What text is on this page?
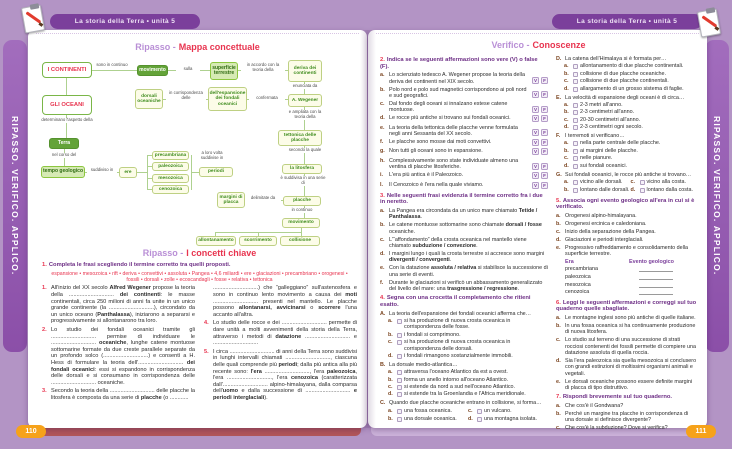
RIPASSO. VERIFICO. APPLICO.	RIPASSO. VERIFICO. APPLICO.
Ripasso - Mappa concettuale
sono in continuo
sulla
in accordo con la teoria della
enunciata da
in corrispondenza delle	confermata
e ampliata con la teoria della
secondo la quale
è suddivisa in una serie di
delimitate da
in continuo
determinano l'aspetto della
nel corso del
suddiviso in
a loro volta suddivise in
I CONTINENTI	movimento	superficie terrestre
deriva dei continenti
GLI OCEANI
dorsali oceaniche
dell'espansione dei fondali oceanici
A. Wegener
tettonica delle placche
la litosfera
placche
margini di placca
movimento
allontanamento	scorrimento	collisione
Terra
tempo geologico	ere
precambriana
paleozoica
mesozoica
cenozoica
periodi
Ripasso - I concetti chiave
1. Completa le frasi scegliendo il termine corretto tra quelli proposti.
espansione • mesozoica • rift • deriva • convettivi • assoluta • Pangea • 4,6 miliardi • ere • glaciazioni • precambriano • orogenesi • fossili • dorsali • zolle • ecoscandagli • fosse • relativa • tettonica
1. All'inizio del XX secolo Alfred Wegener propose la teoria della ............................. dei continenti: le masse continentali, circa 250 milioni di anni fa unite in un unico grande continente (la .............................), circondato da un unico oceano (Panthalassa), iniziarono a separarsi e progressivamente si allontanarono tra loro.
2. Lo studio dei fondali oceanici tramite gli ............................. permise di individuare le ............................. oceaniche, lunghe catene montuose sottomarine formate da due creste parallele separate da un profondo solco (.............................) e consentì a H. Hess di formulare la teoria dell'............................. dei fondali oceanici: essi si espandono in corrispondenza delle dorsali e si consumano in corrispondenza delle ............................. oceaniche.
3. Secondo la teoria della ............................. delle placche la litosfera è composta da una serie di placche (o ............
.............................) che “galleggiano” sull'astenosfera e sono in continuo lento movimento a causa dei moti ............................. presenti nel mantello. Le placche possono allontanarsi, avvicinarsi o scorrere l'una accanto all'altra.
4. Lo studio delle rocce e dei ............................. permette di dare unità a molti avvenimenti della storia della Terra, attraverso i metodi di datazione ............................. e .............................
5. I circa ............................. di anni della Terra sono suddivisi in lunghi intervalli chiamati ............................., ciascuna delle quali comprende più periodi; dalla più antica alla più recente sono: l'era ............................., l'era paleozoica, l'era ............................., l'era cenozoica (caratterizzata dall'............................. alpino-himalayana, dalla comparsa dell'uomo e dalla successione di ............................. e periodi interglaciali).
Verifico - Conoscenze
2. Indica se le seguenti affermazioni sono vere (V) o false (F).
a. Lo scienziato tedesco A. Wegener propose la teoria della deriva dei continenti nel XIX secolo.	V	F
b. Polo nord e polo sud magnetici corrispondono ai poli nord e sud geografici.	V	F
c. Dal fondo degli oceani si innalzano estese catene montuose.	V	F
d. Le rocce più antiche si trovano sui fondali oceanici.	V	F
e. La teoria della tettonica delle placche venne formulata negli anni Sessanta del XX secolo.	V	F
f.	Le placche sono mosse dai moti convettivi.	V	F
g. Non tutti gli oceani sono in espansione.	V	F
h. Complessivamente sono state individuate almeno una ventina di placche litosferiche.	V	F
i.	L'era più antica è il Paleozoico.	V	F
l.	Il Cenozoico è l'era nella quale viviamo.	V	F
3. Nelle seguenti frasi evidenzia il termine corretto fra i due in neretto.
a. La Pangea era circondata da un unico mare chiamato Tetide / Panthalassa.
b. Le catene montuose sottomarine sono chiamate dorsali / fosse oceaniche.
c. L'“affondamento” della crosta oceanica nel mantello viene chiamato subduzione / convezione.
d. I margini lungo i quali la crosta terrestre si accresce sono margini divergenti / convergenti.
e. Con la datazione assoluta / relativa si stabilisce la successione di una serie di eventi.
f.	Durante le glaciazioni si verificò un abbassamento generalizzato del livello del mare: una trasgressione / regressione.
4. Segna con una crocetta il completamento che ritieni esatto.
A. La teoria dell'espansione dei fondali oceanici afferma che…
a.	si ha produzione di nuova crosta oceanica in corrispondenza delle fosse.
b.	i fondali si comprimono.
c.	si ha produzione di nuova crosta oceanica in corrispondenza delle dorsali.
d.	i fondali rimangono sostanzialmente immobili.
B. La dorsale medio-atlantica…
a.	attraversa l'oceano Atlantico da est a ovest.
b.	forma un anello intorno all'oceano Atlantico.
c.	si estende da nord a sud nell'oceano Atlantico.
d.	si estende tra la Groenlandia e l'Africa meridionale.
C. Quando due placche oceaniche entrano in collisione, si forma…
a.	una fossa oceanica.	c.	un vulcano.
b.	una dorsale oceanica.	d.	una montagna isolata.
D. La catena dell'Himalaya si è formata per…
a.	allontanamento di due placche continentali.
b.	collisione di due placche oceaniche.
c.	collisione di due placche continentali.
d.	allargamento di un grosso sistema di faglie.
E. La velocità di espansione degli oceani è di circa…
a.	2-3 metri all'anno.
b.	2-3 centimetri all'anno.
c.	20-30 centimetri all'anno.
d.	2-3 centimetri ogni secolo.
F. I terremoti si verificano…
a.	nella parte centrale delle placche.
b.	ai margini delle placche.
c.	nelle pianure.
d.	sui fondali oceanici.
G. Sui fondali oceanici, le rocce più antiche si trovano…
a.	vicino alle dorsali.	c.	vicino alla costa.
b.	lontano dalle dorsali. d.	lontano dalla costa.
5. Associa ogni evento geologico all'era in cui si è verificato.
a. Orogenesi alpino-himalayana.
b. Orogenesi ercinica e caledoniana.
c. Inizio della separazione della Pangea.
d. Glaciazioni e periodi interglaciali.
e. Progressivo raffreddamento e consolidamento della superficie terrestre.
Era	Evento geologico
precambriana
paleozoica
mesozoica
cenozoica
6. Leggi le seguenti affermazioni e correggi sul tuo quaderno quelle sbagliate.
a. Le montagne inglesi sono più antiche di quelle italiane.
b. In una fossa oceanica si ha continuamente produzione di nuova litosfera.
c. Lo studio sul terreno di una successione di strati rocciosi contenenti dei fossili permette di compiere una datazione assoluta di quella roccia.
d. Sia l'era paleozoica sia quella mesozoica si conclusero con grandi estinzioni di moltissimi organismi animali e vegetali.
e. Le dorsali oceaniche possono essere definite margini di placca di tipo distruttivo.
7. Rispondi brevemente sul tuo quaderno.
a. Che cos'è il Gondwana?
b. Perché un margine tra placche in corrispondenza di una dorsale si definisce divergente?
c. Che cos'è la subduzione? Dove si verifica?
La storia della Terra • unità 5	La storia della Terra • unità 5
110	111
